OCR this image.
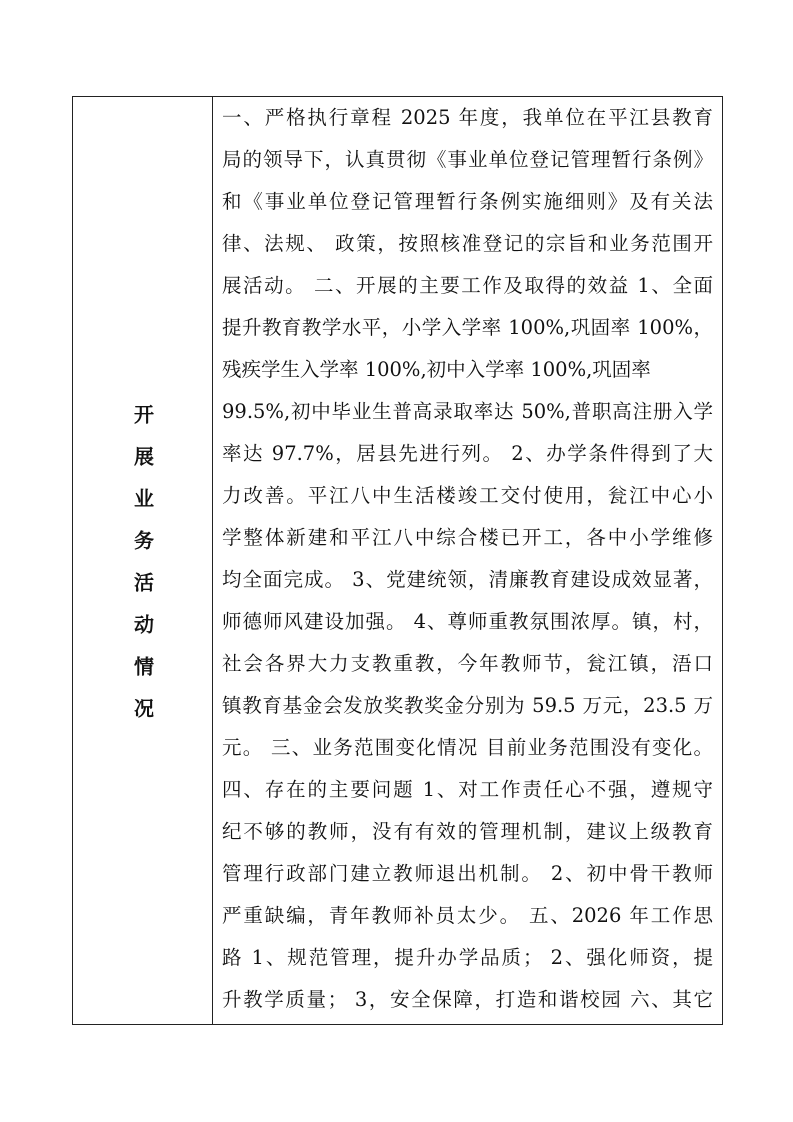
开展业务活动情况
一、严格执行章程 2025 年度，我单位在平江县教育
局的领导下，认真贯彻《事业单位登记管理暂行条例》
和《事业单位登记管理暂行条例实施细则》及有关法
律、法规、 政策，按照核准登记的宗旨和业务范围开
展活动。 二、开展的主要工作及取得的效益 1、全面
提升教育教学水平，小学入学率 100%,巩固率 100%，
残疾学生入学率 100%,初中入学率 100%,巩固率
99.5%,初中毕业生普高录取率达 50%,普职高注册入学
率达 97.7%，居县先进行列。 2、办学条件得到了大
力改善。平江八中生活楼竣工交付使用，瓮江中心小
学整体新建和平江八中综合楼已开工，各中小学维修
均全面完成。 3、党建统领，清廉教育建设成效显著，
师德师风建设加强。 4、尊师重教氛围浓厚。镇，村，
社会各界大力支教重教，今年教师节，瓮江镇，浯口
镇教育基金会发放奖教奖金分别为 59.5 万元，23.5 万
元。 三、业务范围变化情况 目前业务范围没有变化。
四、存在的主要问题 1、对工作责任心不强，遵规守
纪不够的教师，没有有效的管理机制，建议上级教育
管理行政部门建立教师退出机制。 2、初中骨干教师
严重缺编，青年教师补员太少。 五、2026 年工作思
路 1、规范管理，提升办学品质； 2、强化师资，提
升教学质量； 3，安全保障，打造和谐校园 六、其它
